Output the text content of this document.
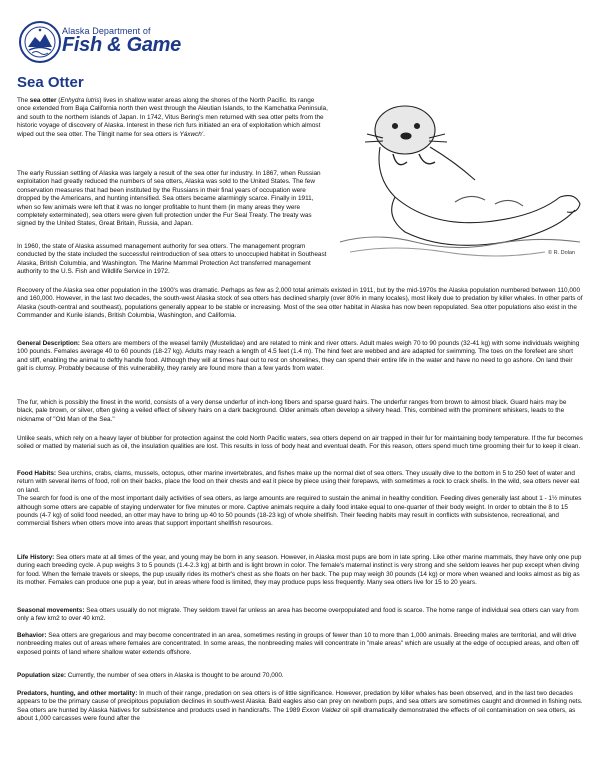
Alaska Department of
Fish & Game
Sea Otter
© R. Dolan

The sea otter (Enhydra lutris) lives in shallow water areas along the shores of the North Pacific. Its range once extended from Baja California north then west through the Aleutian Islands, to the Kamchatka Peninsula, and south to the northern islands of Japan. In 1742, Vitus Bering's men returned with sea otter pelts from the historic voyage of discovery of Alaska. Interest in these rich furs initiated an era of exploitation which almost wiped out the sea otter. The Tlingit name for sea otters is Yáxwch'.

The early Russian settling of Alaska was largely a result of the sea otter fur industry. In 1867, when Russian exploitation had greatly reduced the numbers of sea otters, Alaska was sold to the United States. The few conservation measures that had been instituted by the Russians in their final years of occupation were dropped by the Americans, and hunting intensified. Sea otters became alarmingly scarce. Finally in 1911, when so few animals were left that it was no longer profitable to hunt them (in many areas they were completely exterminated), sea otters were given full protection under the Fur Seal Treaty. The treaty was signed by the United States, Great Britain, Russia, and Japan.

In 1960, the state of Alaska assumed management authority for sea otters. The management program conducted by the state included the successful reintroduction of sea otters to unoccupied habitat in Southeast Alaska, British Columbia, and Washington. The Marine Mammal Protection Act transferred management authority to the U.S. Fish and Wildlife Service in 1972.

Recovery of the Alaska sea otter population in the 1900's was dramatic. Perhaps as few as 2,000 total animals existed in 1911, but by the mid-1970s the Alaska population numbered between 110,000 and 160,000. However, in the last two decades, the south-west Alaska stock of sea otters has declined sharply (over 80% in many locales), most likely due to predation by killer whales. In other parts of Alaska (south-central and southeast), populations generally appear to be stable or increasing. Most of the sea otter habitat in Alaska has now been repopulated. Sea otter populations also exist in the Commander and Kurile islands, British Columbia, Washington, and California.

General Description: Sea otters are members of the weasel family (Mustelidae) and are related to mink and river otters. Adult males weigh 70 to 90 pounds (32-41 kg) with some individuals weighing 100 pounds. Females average 40 to 60 pounds (18-27 kg). Adults may reach a length of 4.5 feet (1.4 m). The hind feet are webbed and are adapted for swimming. The toes on the forefeet are short and stiff, enabling the animal to deftly handle food. Although they will at times haul out to rest on shorelines, they can spend their entire life in the water and have no need to go ashore. On land their gait is clumsy. Probably because of this vulnerability, they rarely are found more than a few yards from water.

The fur, which is possibly the finest in the world, consists of a very dense underfur of inch-long fibers and sparse guard hairs. The underfur ranges from brown to almost black. Guard hairs may be black, pale brown, or silver, often giving a veiled effect of silvery hairs on a dark background. Older animals often develop a silvery head. This, combined with the prominent whiskers, leads to the nickname of "Old Man of the Sea."

Unlike seals, which rely on a heavy layer of blubber for protection against the cold North Pacific waters, sea otters depend on air trapped in their fur for maintaining body temperature. If the fur becomes soiled or matted by material such as oil, the insulation qualities are lost. This results in loss of body heat and eventual death. For this reason, otters spend much time grooming their fur to keep it clean.

Food Habits: Sea urchins, crabs, clams, mussels, octopus, other marine invertebrates, and fishes make up the normal diet of sea otters. They usually dive to the bottom in 5 to 250 feet of water and return with several items of food, roll on their backs, place the food on their chests and eat it piece by piece using their forepaws, with sometimes a rock to crack shells. In the wild, sea otters never eat on land.
The search for food is one of the most important daily activities of sea otters, as large amounts are required to sustain the animal in healthy condition. Feeding dives generally last about 1 - 1½ minutes although some otters are capable of staying underwater for five minutes or more. Captive animals require a daily food intake equal to one-quarter of their body weight. In order to obtain the 8 to 15 pounds (4-7 kg) of solid food needed, an otter may have to bring up 40 to 50 pounds (18-23 kg) of whole shellfish. Their feeding habits may result in conflicts with subsistence, recreational, and commercial fishers when otters move into areas that support important shellfish resources.

Life History: Sea otters mate at all times of the year, and young may be born in any season. However, in Alaska most pups are born in late spring. Like other marine mammals, they have only one pup during each breeding cycle. A pup weighs 3 to 5 pounds (1.4-2.3 kg) at birth and is light brown in color. The female's maternal instinct is very strong and she seldom leaves her pup except when diving for food. When the female travels or sleeps, the pup usually rides its mother's chest as she floats on her back. The pup may weigh 30 pounds (14 kg) or more when weaned and looks almost as big as its mother. Females can produce one pup a year, but in areas where food is limited, they may produce pups less frequently. Many sea otters live for 15 to 20 years.

Seasonal movements: Sea otters usually do not migrate. They seldom travel far unless an area has become overpopulated and food is scarce. The home range of individual sea otters can vary from only a few km2 to over 40 km2.

Behavior: Sea otters are gregarious and may become concentrated in an area, sometimes resting in groups of fewer than 10 to more than 1,000 animals. Breeding males are territorial, and will drive nonbreeding males out of areas where females are concentrated. In some areas, the nonbreeding males will concentrate in "male areas" which are usually at the edge of occupied areas, and often off exposed points of land where shallow water extends offshore.

Population size: Currently, the number of sea otters in Alaska is thought to be around 70,000.

Predators, hunting, and other mortality: In much of their range, predation on sea otters is of little significance. However, predation by killer whales has been observed, and in the last two decades appears to be the primary cause of precipitous population declines in south-west Alaska. Bald eagles also can prey on newborn pups, and sea otters are sometimes caught and drowned in fishing nets. Sea otters are hunted by Alaska Natives for subsistence and products used in handicrafts. The 1989 Exxon Valdez oil spill dramatically demonstrated the effects of oil contamination on sea otters, as about 1,000 carcasses were found after the
